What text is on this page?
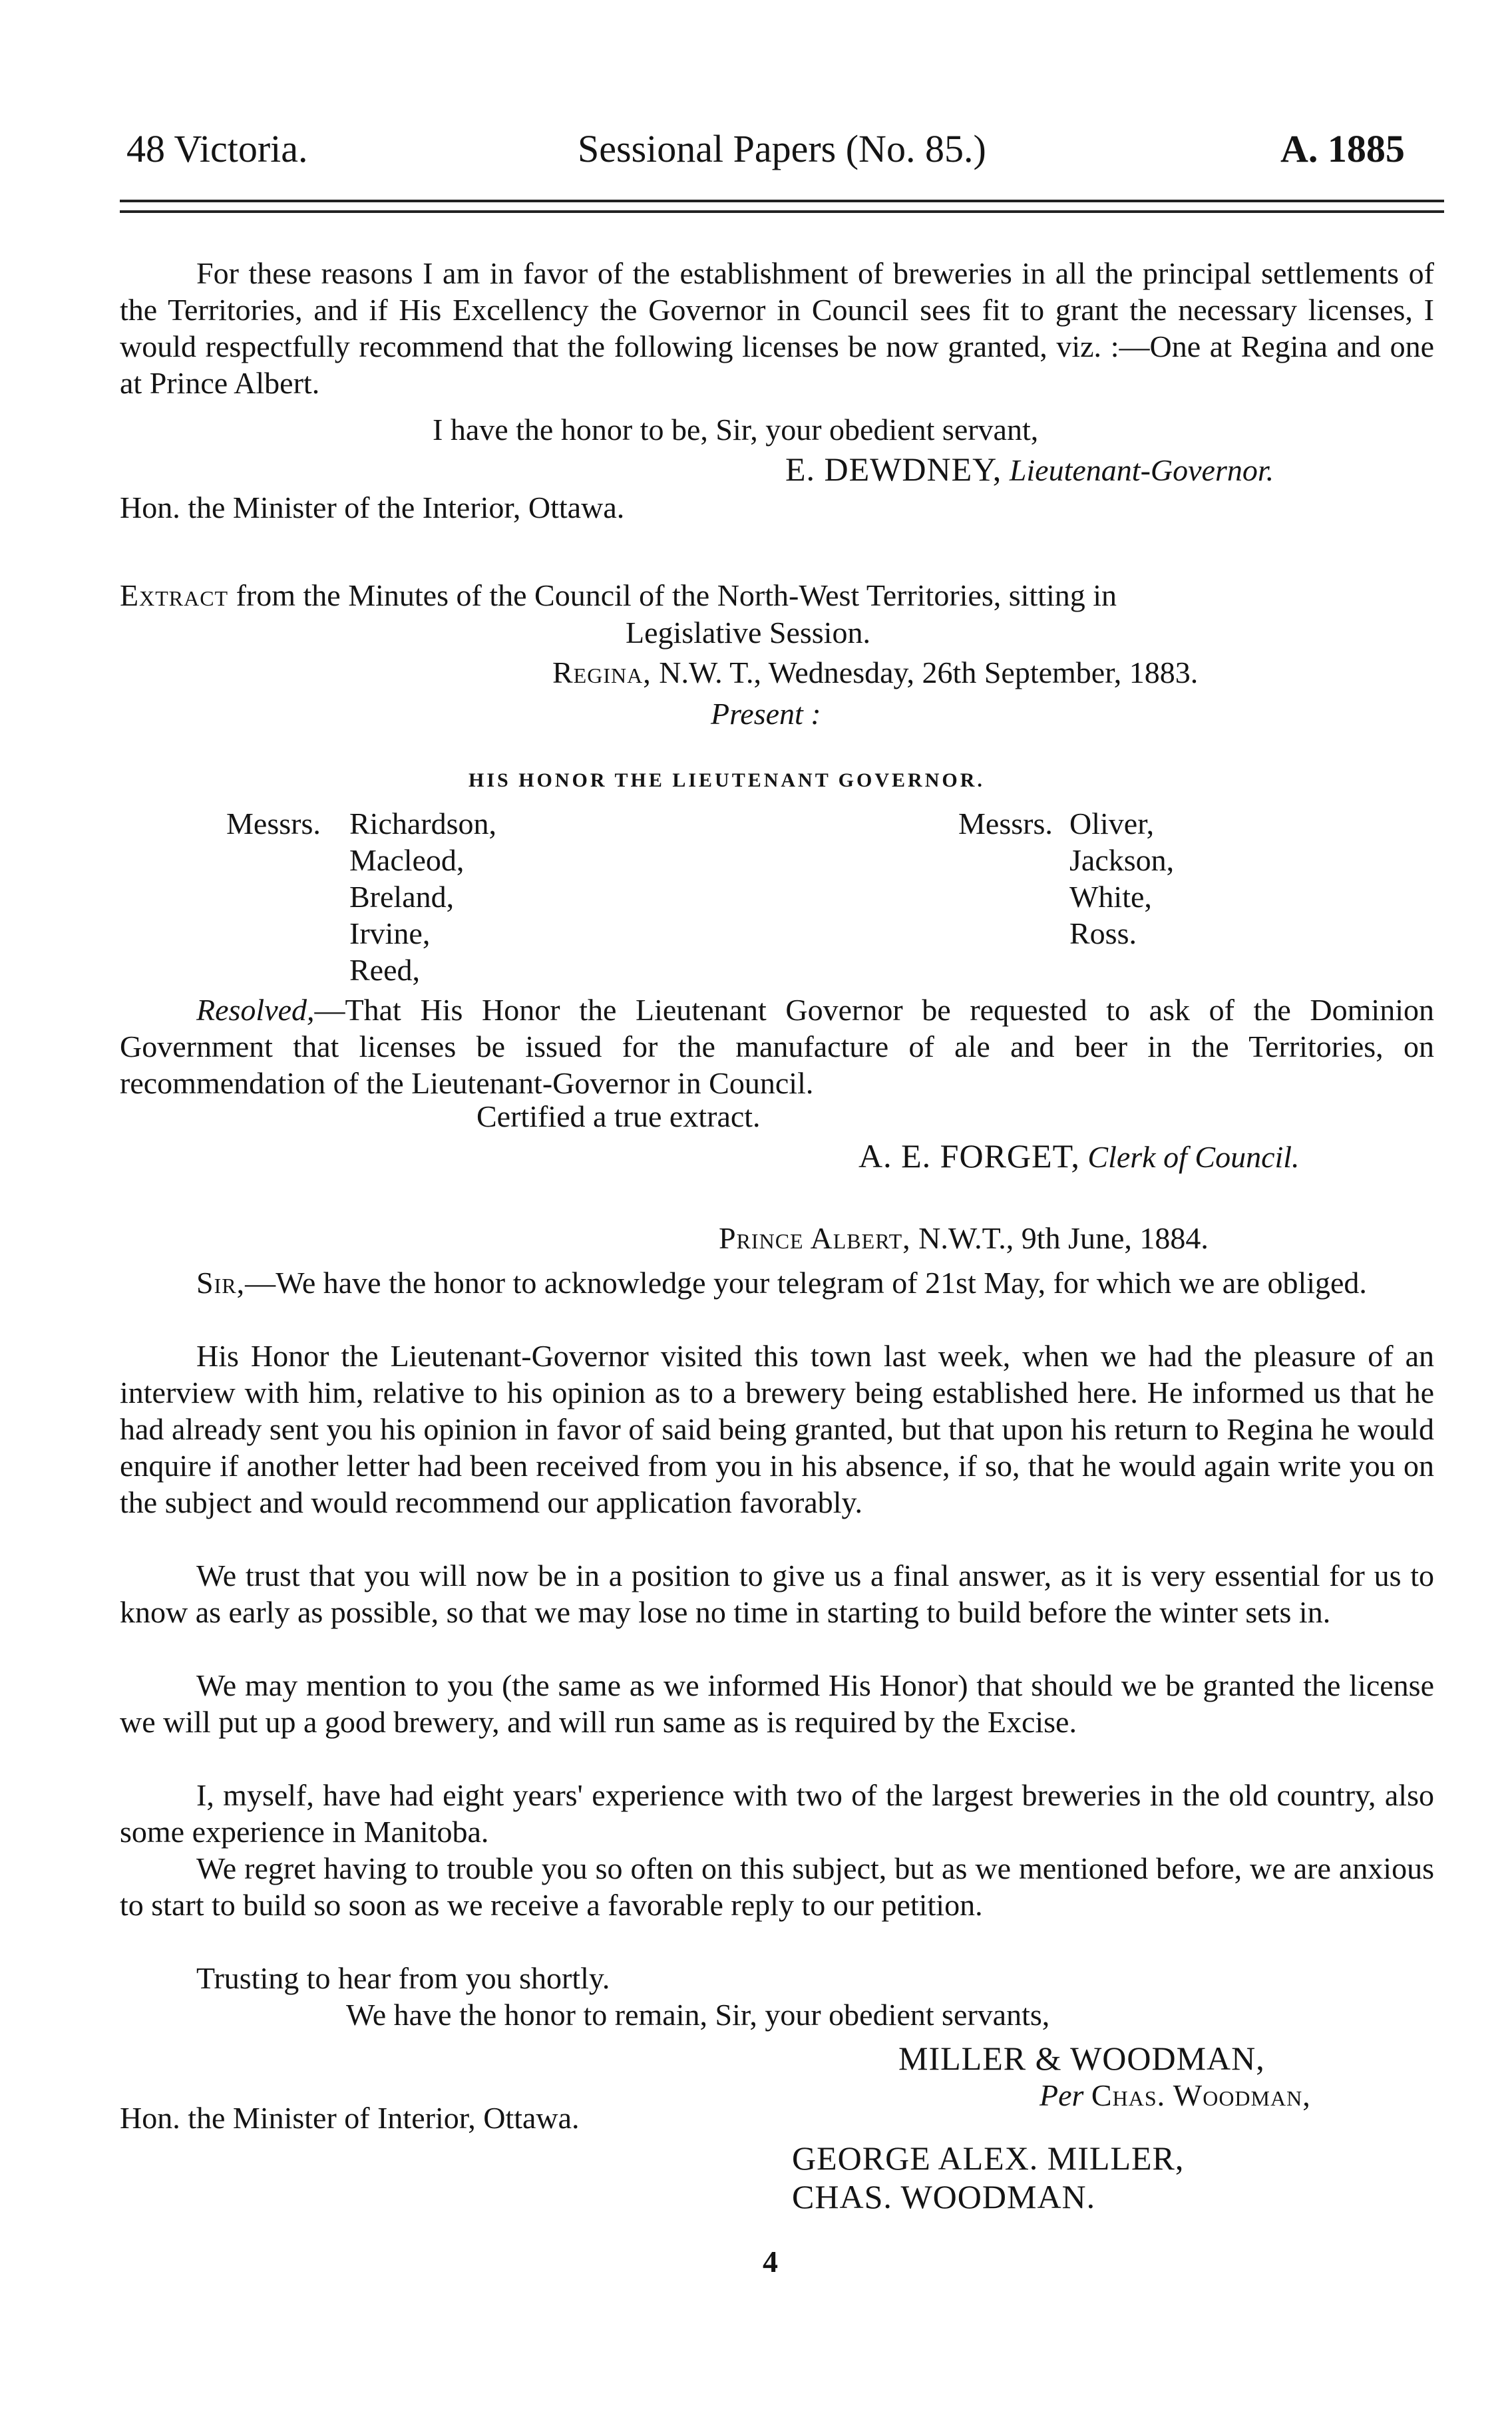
48 Victoria.	Sessional Papers (No. 85.)	A. 1885
For these reasons I am in favor of the establishment of breweries in all the principal settlements of the Territories, and if His Excellency the Governor in Council sees fit to grant the necessary licenses, I would respectfully recommend that the following licenses be now granted, viz. :—One at Regina and one at Prince Albert.
I have the honor to be, Sir, your obedient servant,
E. DEWDNEY, Lieutenant-Governor.
Hon. the Minister of the Interior, Ottawa.
Extract from the Minutes of the Council of the North-West Territories, sitting in
Legislative Session.
Regina, N.W. T., Wednesday, 26th September, 1883.
Present :
HIS HONOR THE LIEUTENANT GOVERNOR.
Messrs. Richardson,
Macleod,
Breland,
Irvine,
Reed,
Messrs. Oliver,
Jackson,
White,
Ross.
Resolved,—That His Honor the Lieutenant Governor be requested to ask of the Dominion Government that licenses be issued for the manufacture of ale and beer in the Territories, on recommendation of the Lieutenant-Governor in Council.
Certified a true extract.
A. E. FORGET, Clerk of Council.
Prince Albert, N.W.T., 9th June, 1884.
Sir,—We have the honor to acknowledge your telegram of 21st May, for which we are obliged.
His Honor the Lieutenant-Governor visited this town last week, when we had the pleasure of an interview with him, relative to his opinion as to a brewery being established here. He informed us that he had already sent you his opinion in favor of said being granted, but that upon his return to Regina he would enquire if another letter had been received from you in his absence, if so, that he would again write you on the subject and would recommend our application favorably.
We trust that you will now be in a position to give us a final answer, as it is very essential for us to know as early as possible, so that we may lose no time in starting to build before the winter sets in.
We may mention to you (the same as we informed His Honor) that should we be granted the license we will put up a good brewery, and will run same as is required by the Excise.
I, myself, have had eight years' experience with two of the largest breweries in the old country, also some experience in Manitoba.
We regret having to trouble you so often on this subject, but as we mentioned before, we are anxious to start to build so soon as we receive a favorable reply to our petition.
Trusting to hear from you shortly.
We have the honor to remain, Sir, your obedient servants,
MILLER & WOODMAN,
Per Chas. Woodman,
Hon. the Minister of Interior, Ottawa.
GEORGE ALEX. MILLER,
CHAS. WOODMAN.
4
